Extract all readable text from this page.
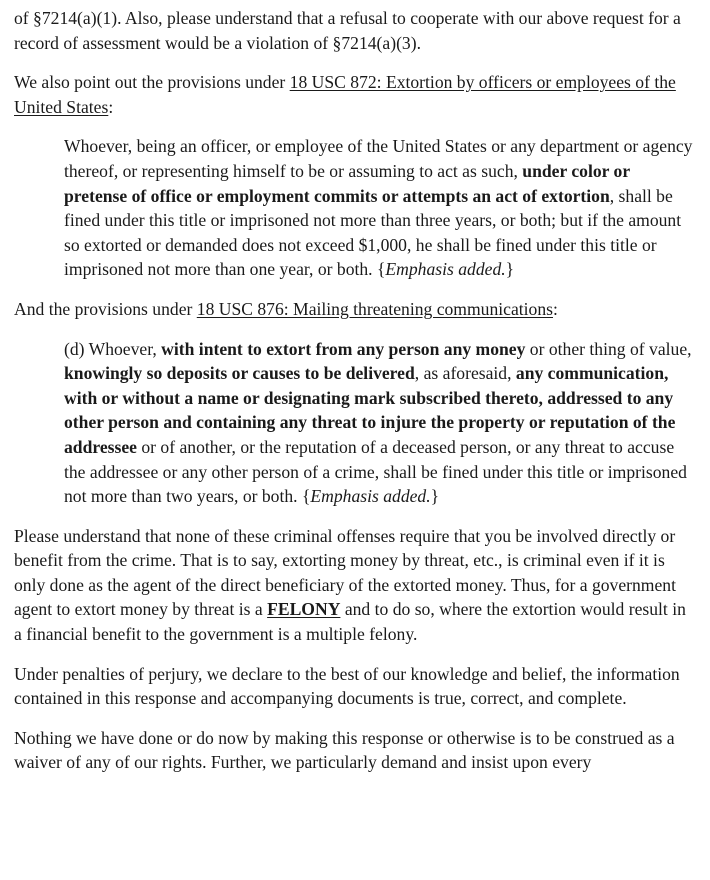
of §7214(a)(1). Also, please understand that a refusal to cooperate with our above request for a record of assessment would be a violation of §7214(a)(3).

We also point out the provisions under 18 USC 872: Extortion by officers or employees of the United States:

Whoever, being an officer, or employee of the United States or any department or agency thereof, or representing himself to be or assuming to act as such, under color or pretense of office or employment commits or attempts an act of extortion, shall be fined under this title or imprisoned not more than three years, or both; but if the amount so extorted or demanded does not exceed $1,000, he shall be fined under this title or imprisoned not more than one year, or both. {Emphasis added.}

And the provisions under 18 USC 876: Mailing threatening communications:

(d) Whoever, with intent to extort from any person any money or other thing of value, knowingly so deposits or causes to be delivered, as aforesaid, any communication, with or without a name or designating mark subscribed thereto, addressed to any other person and containing any threat to injure the property or reputation of the addressee or of another, or the reputation of a deceased person, or any threat to accuse the addressee or any other person of a crime, shall be fined under this title or imprisoned not more than two years, or both. {Emphasis added.}

Please understand that none of these criminal offenses require that you be involved directly or benefit from the crime. That is to say, extorting money by threat, etc., is criminal even if it is only done as the agent of the direct beneficiary of the extorted money. Thus, for a government agent to extort money by threat is a FELONY and to do so, where the extortion would result in a financial benefit to the government is a multiple felony.

Under penalties of perjury, we declare to the best of our knowledge and belief, the information contained in this response and accompanying documents is true, correct, and complete.

Nothing we have done or do now by making this response or otherwise is to be construed as a waiver of any of our rights. Further, we particularly demand and insist upon every
